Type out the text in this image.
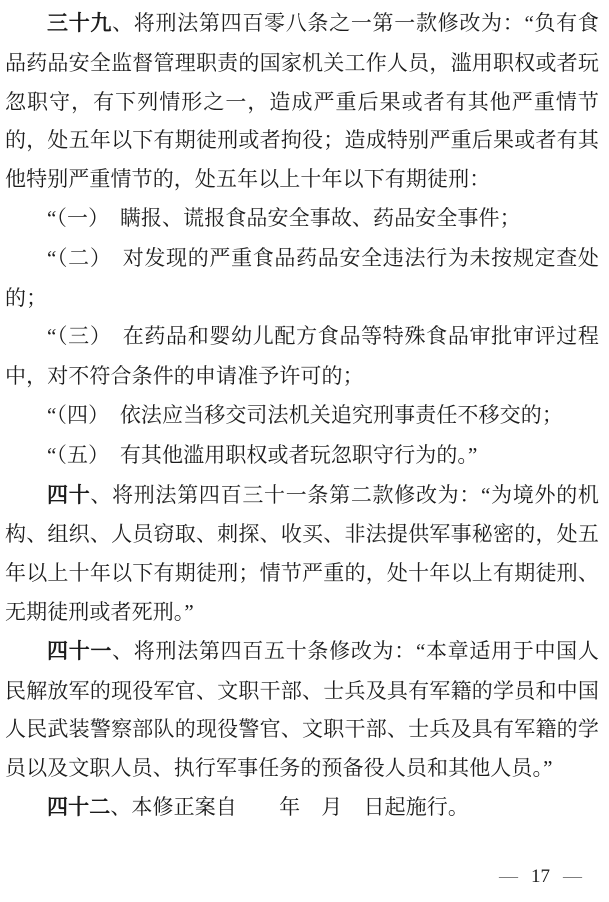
三十九、将刑法第四百零八条之一第一款修改为：“负有食品药品安全监督管理职责的国家机关工作人员，滥用职权或者玩忽职守，有下列情形之一，造成严重后果或者有其他严重情节的，处五年以下有期徒刑或者拘役；造成特别严重后果或者有其他特别严重情节的，处五年以上十年以下有期徒刑：

“（一）　瞒报、谎报食品安全事故、药品安全事件；

“（二）　对发现的严重食品药品安全违法行为未按规定查处的；

“（三）　在药品和婴幼儿配方食品等特殊食品审批审评过程中，对不符合条件的申请准予许可的；

“（四）　依法应当移交司法机关追究刑事责任不移交的；

“（五）　有其他滥用职权或者玩忽职守行为的。”

四十、将刑法第四百三十一条第二款修改为：“为境外的机构、组织、人员窃取、刺探、收买、非法提供军事秘密的，处五年以上十年以下有期徒刑；情节严重的，处十年以上有期徒刑、无期徒刑或者死刑。”

四十一、将刑法第四百五十条修改为：“本章适用于中国人民解放军的现役军官、文职干部、士兵及具有军籍的学员和中国人民武装警察部队的现役警官、文职干部、士兵及具有军籍的学员以及文职人员、执行军事任务的预备役人员和其他人员。”

四十二、本修正案自　　年　月　日起施行。

— 17 —
